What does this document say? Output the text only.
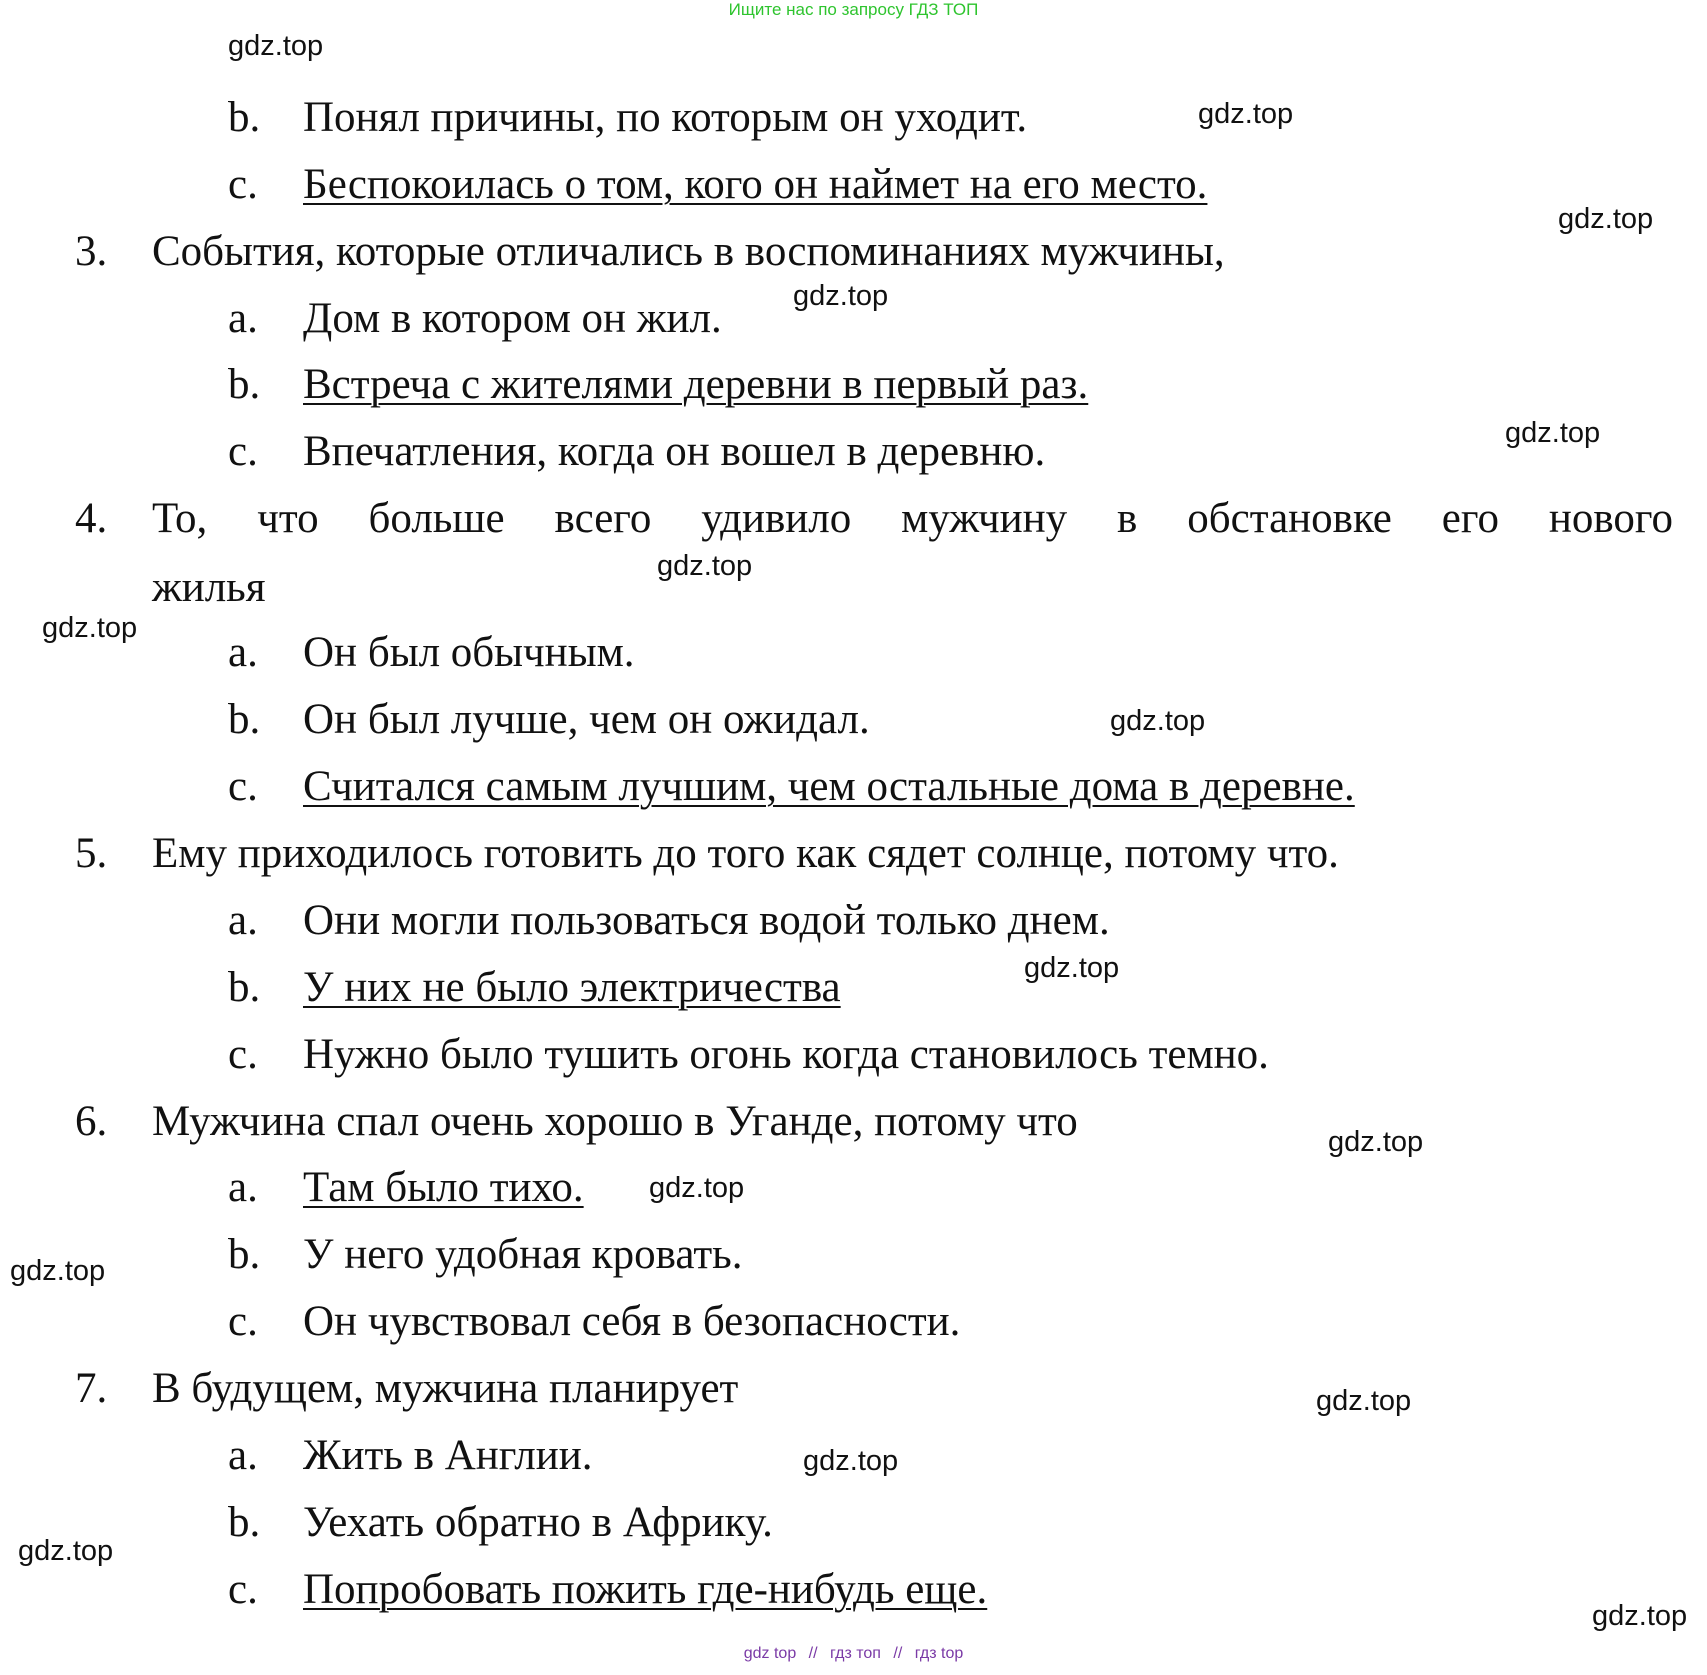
Ищите нас по запросу ГДЗ ТОП
gdz.top
gdz.top
gdz.top
gdz.top
gdz.top
gdz.top
gdz.top
gdz.top
gdz.top
gdz.top
gdz.top
gdz.top
gdz.top
gdz.top
gdz.top
gdz.top
b. Понял причины, по которым он уходит.
c. Беспокоилась о том, кого он наймет на его место.
3. События, которые отличались в воспоминаниях мужчины,
a. Дом в котором он жил.
b. Встреча с жителями деревни в первый раз.
c. Впечатления, когда он вошел в деревню.
4. То, что больше всего удивило мужчину в обстановке его нового
жилья
a. Он был обычным.
b. Он был лучше, чем он ожидал.
c. Считался самым лучшим, чем остальные дома в деревне.
5. Ему приходилось готовить до того как сядет солнце, потому что.
a. Они могли пользоваться водой только днем.
b. У них не было электричества
c. Нужно было тушить огонь когда становилось темно.
6. Мужчина спал очень хорошо в Уганде, потому что
a. Там было тихо.
b. У него удобная кровать.
c. Он чувствовал себя в безопасности.
7. В будущем, мужчина планирует
a. Жить в Англии.
b. Уехать обратно в Африку.
c. Попробовать пожить где-нибудь еще.
gdz top // гдз топ // гдз top
